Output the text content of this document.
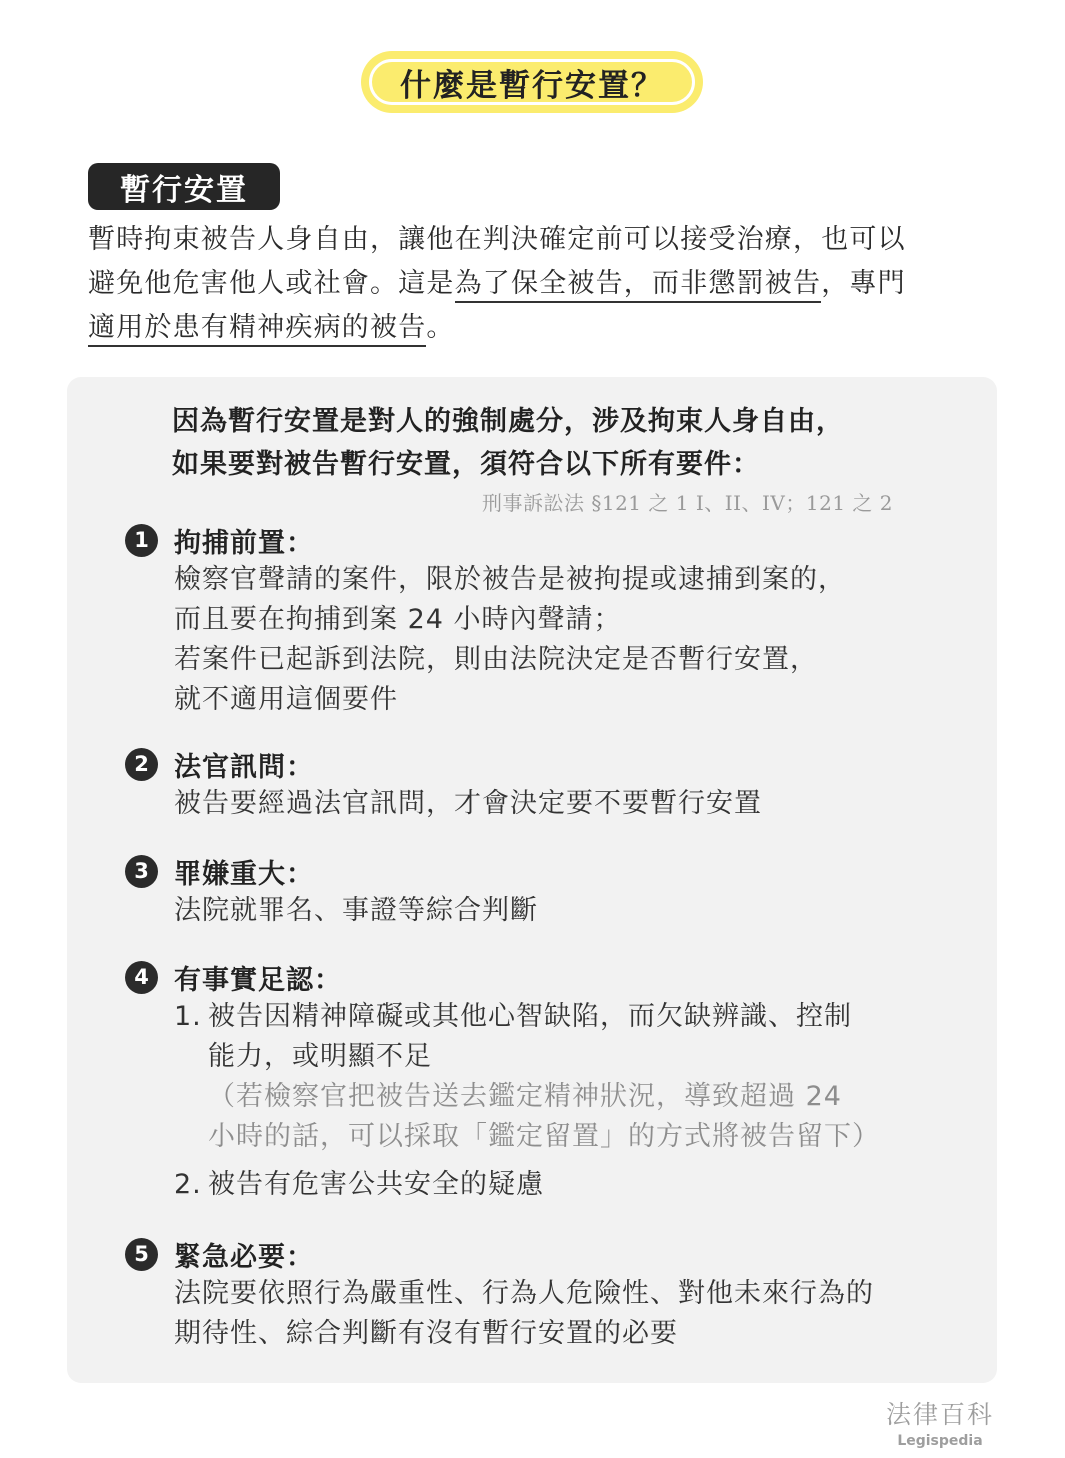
什麼是暫行安置？
暫行安置
暫時拘束被告人身自由，讓他在判決確定前可以接受治療，也可以
避免他危害他人或社會。這是為了保全被告，而非懲罰被告，專門
適用於患有精神疾病的被告。
因為暫行安置是對人的強制處分，涉及拘束人身自由，
如果要對被告暫行安置，須符合以下所有要件：
刑事訴訟法 §121 之 1 I、II、IV；121 之 2
1 拘捕前置：
檢察官聲請的案件，限於被告是被拘提或逮捕到案的，
而且要在拘捕到案 24 小時內聲請；
若案件已起訴到法院，則由法院決定是否暫行安置，
就不適用這個要件
2 法官訊問：
被告要經過法官訊問，才會決定要不要暫行安置
3 罪嫌重大：
法院就罪名、事證等綜合判斷
4 有事實足認：
1. 被告因精神障礙或其他心智缺陷，而欠缺辨識、控制
能力，或明顯不足
（若檢察官把被告送去鑑定精神狀況，導致超過 24
小時的話，可以採取「鑑定留置」的方式將被告留下）
2. 被告有危害公共安全的疑慮
5 緊急必要：
法院要依照行為嚴重性、行為人危險性、對他未來行為的
期待性、綜合判斷有沒有暫行安置的必要
法律百科
Legispedia
